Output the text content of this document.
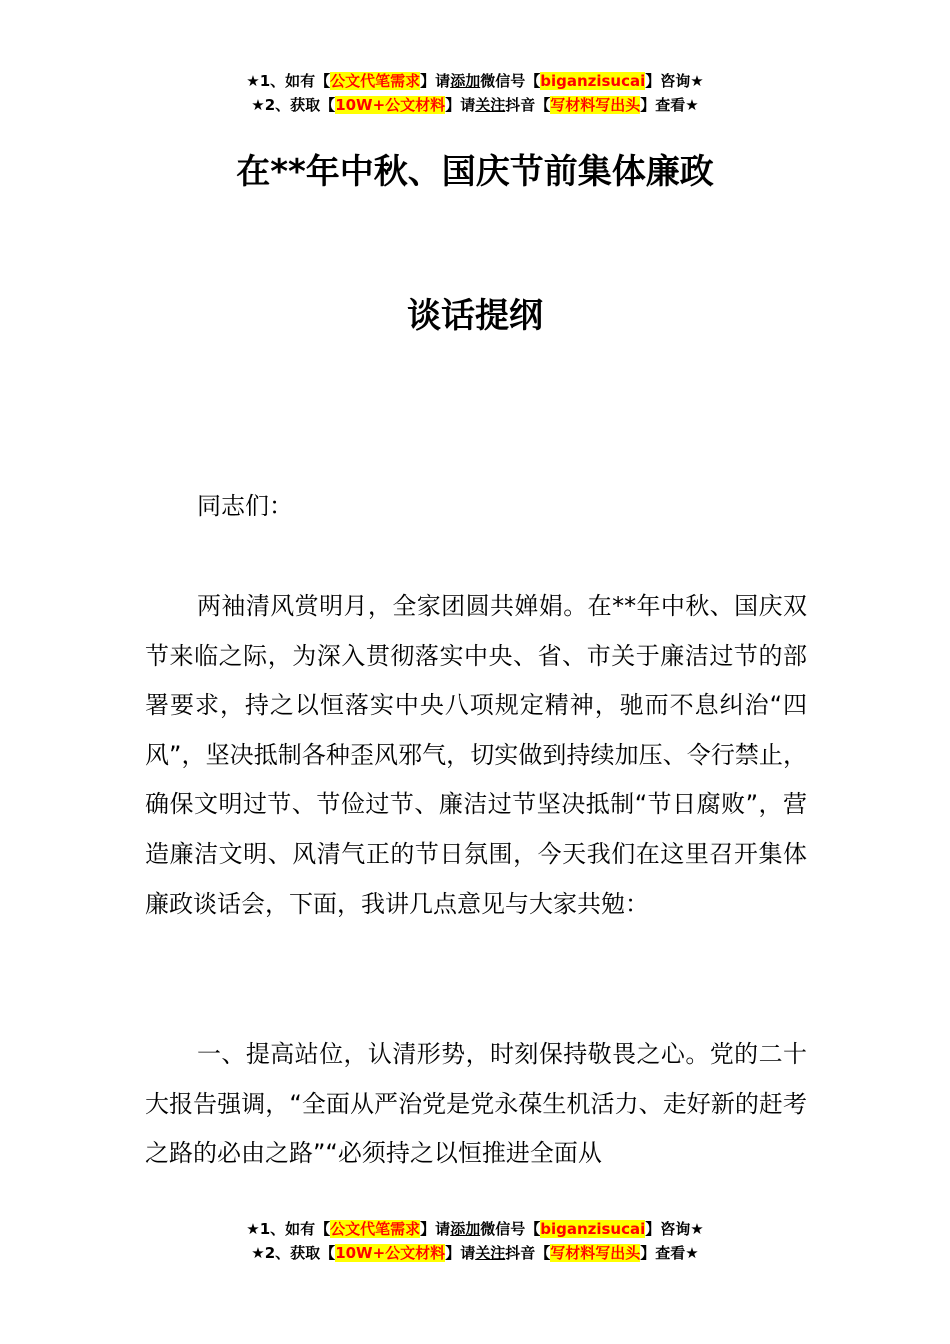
★1、如有【公文代笔需求】请添加微信号【biganzisucai】咨询★
★2、获取【10W+公文材料】请关注抖音【写材料写出头】查看★
在**年中秋、国庆节前集体廉政
谈话提纲
同志们：
两袖清风赏明月，全家团圆共婵娟。在**年中秋、国庆双节来临之际，为深入贯彻落实中央、省、市关于廉洁过节的部署要求，持之以恒落实中央八项规定精神，驰而不息纠治“四风”，坚决抵制各种歪风邪气，切实做到持续加压、令行禁止，确保文明过节、节俭过节、廉洁过节坚决抵制“节日腐败”，营造廉洁文明、风清气正的节日氛围，今天我们在这里召开集体廉政谈话会，下面，我讲几点意见与大家共勉：
一、提高站位，认清形势，时刻保持敬畏之心。党的二十大报告强调，“全面从严治党是党永葆生机活力、走好新的赶考之路的必由之路”“必须持之以恒推进全面从
★1、如有【公文代笔需求】请添加微信号【biganzisucai】咨询★
★2、获取【10W+公文材料】请关注抖音【写材料写出头】查看★
